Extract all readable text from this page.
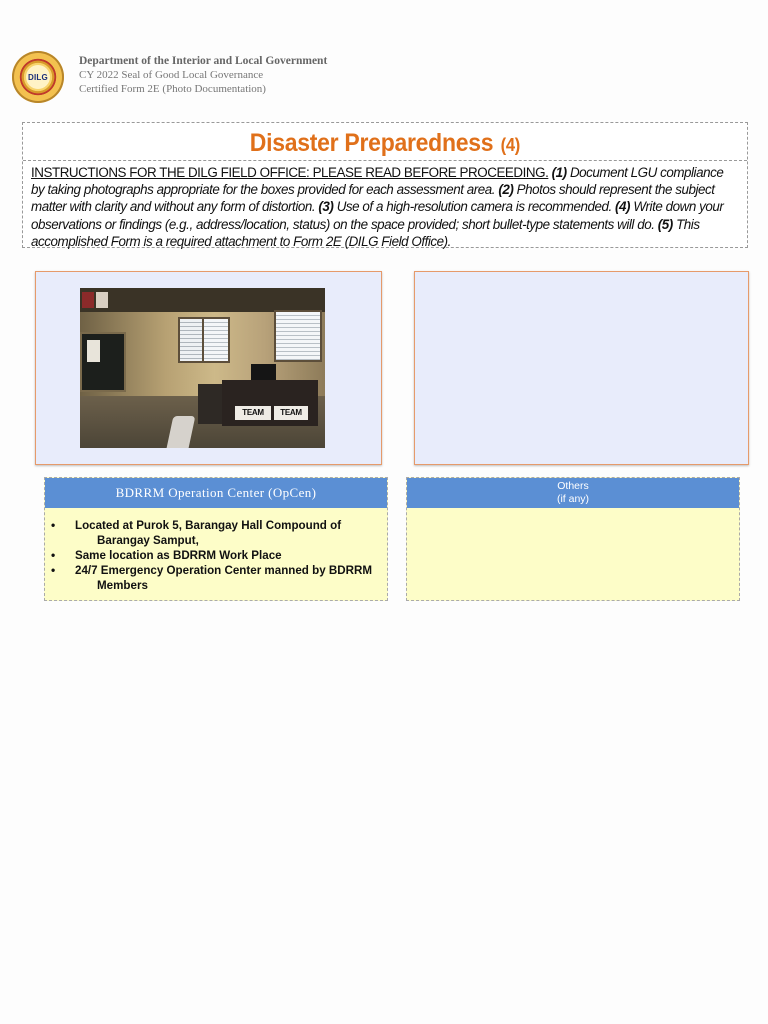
DILG
Department of the Interior and Local Government
CY 2022 Seal of Good Local Governance
Certified Form 2E (Photo Documentation)
Disaster Preparedness (4)
INSTRUCTIONS FOR THE DILG FIELD OFFICE: PLEASE READ BEFORE PROCEEDING. (1) Document LGU compliance by taking photographs appropriate for the boxes provided for each assessment area. (2) Photos should represent the subject matter with clarity and without any form of distortion. (3) Use of a high-resolution camera is recommended. (4) Write down your observations or findings (e.g., address/location, status) on the space provided; short bullet-type statements will do. (5) This accomplished Form is a required attachment to Form 2E (DILG Field Office).
TEAM	TEAM
BDRRM Operation Center (OpCen)
• Located at Purok 5, Barangay Hall Compound of
Barangay Samput,
• Same location as BDRRM Work Place
• 24/7 Emergency Operation Center manned by BDRRM
Members
Others
(if any)
